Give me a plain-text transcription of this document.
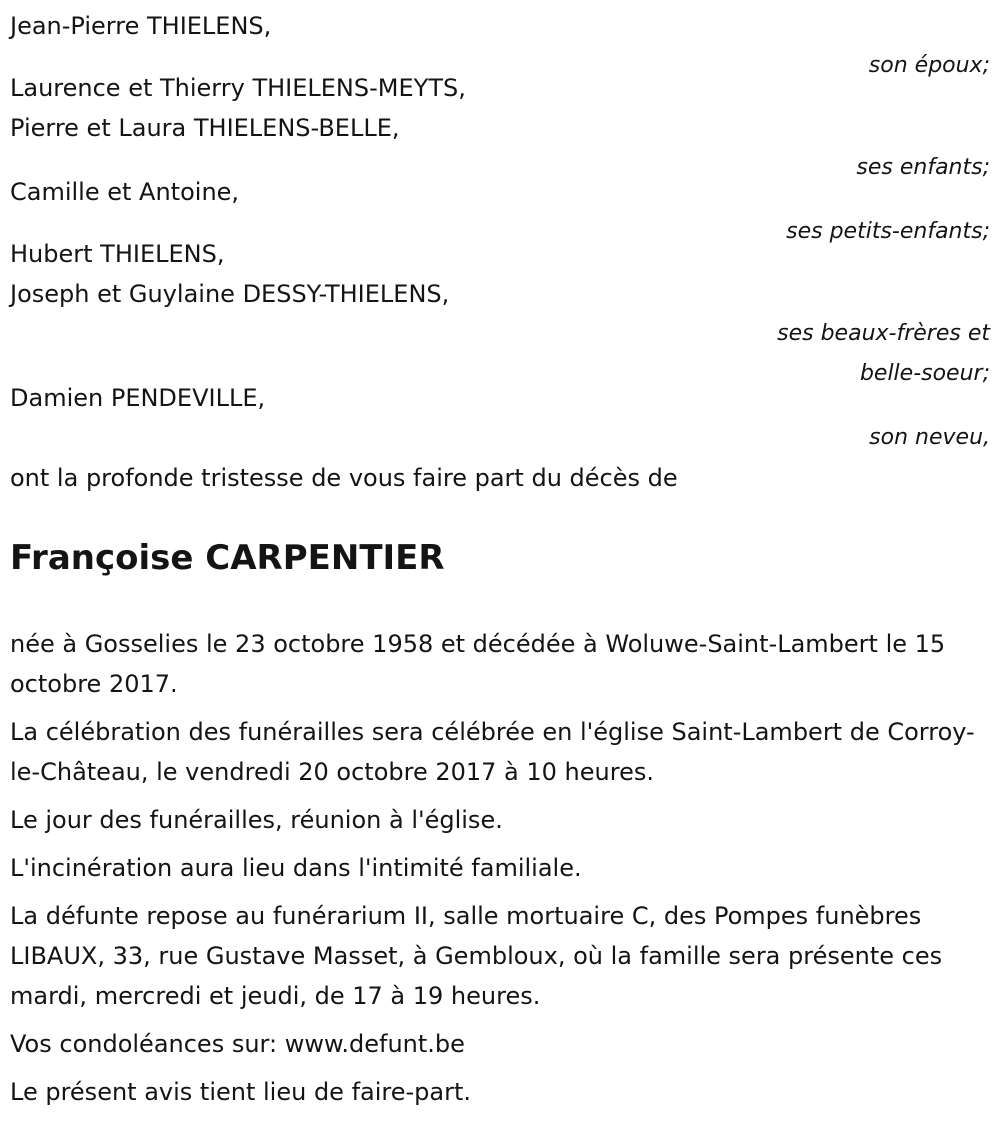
Jean-Pierre THIELENS,
son époux;
Laurence et Thierry THIELENS-MEYTS,
Pierre et Laura THIELENS-BELLE,
ses enfants;
Camille et Antoine,
ses petits-enfants;
Hubert THIELENS,
Joseph et Guylaine DESSY-THIELENS,
ses beaux-frères et
belle-soeur;
Damien PENDEVILLE,
son neveu,
ont la profonde tristesse de vous faire part du décès de
Françoise CARPENTIER

née à Gosselies le 23 octobre 1958 et décédée à Woluwe-Saint-Lambert le 15 octobre 2017.

La célébration des funérailles sera célébrée en l'église Saint-Lambert de Corroy-le-Château, le vendredi 20 octobre 2017 à 10 heures.

Le jour des funérailles, réunion à l'église.

L'incinération aura lieu dans l'intimité familiale.

La défunte repose au funérarium II, salle mortuaire C, des Pompes funèbres LIBAUX, 33, rue Gustave Masset, à Gembloux, où la famille sera présente ces mardi, mercredi et jeudi, de 17 à 19 heures.

Vos condoléances sur: www.defunt.be

Le présent avis tient lieu de faire-part.
